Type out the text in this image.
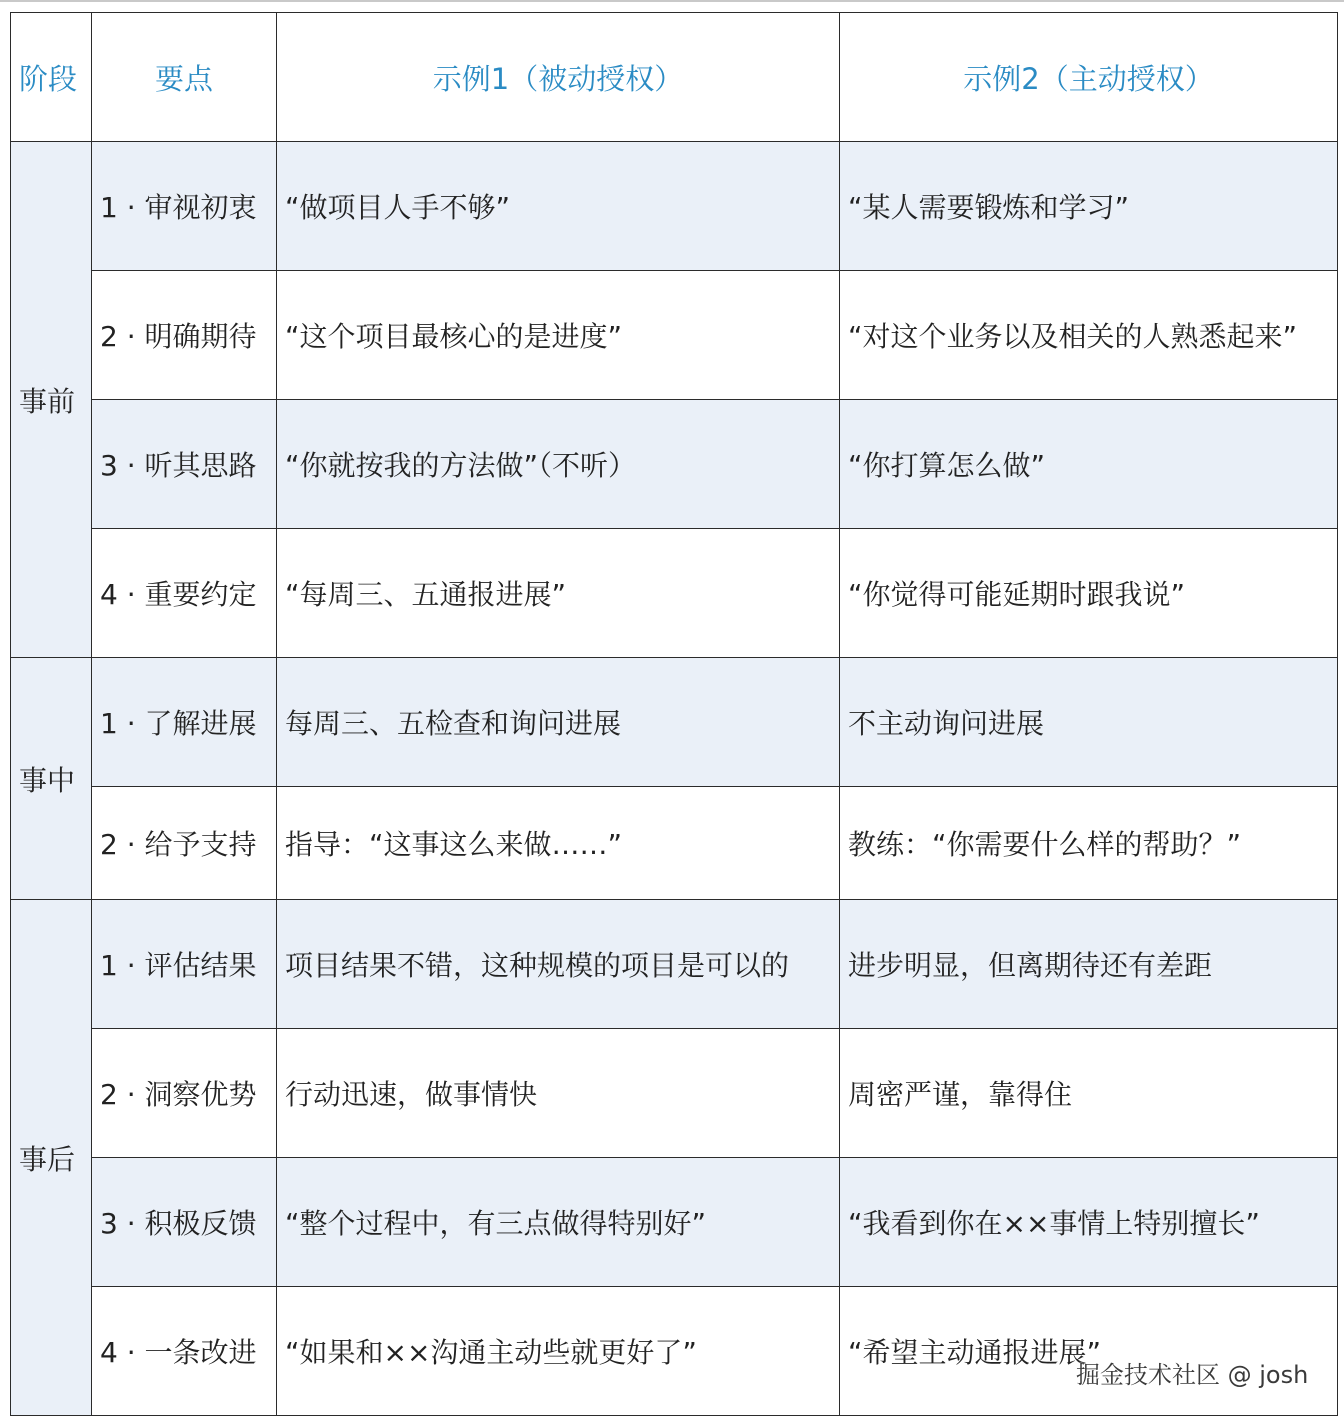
阶段	要点	示例1（被动授权）	示例2（主动授权）
事前	1 · 审视初衷	“做项目人手不够”	“某人需要锻炼和学习”
	2 · 明确期待	“这个项目最核心的是进度”	“对这个业务以及相关的人熟悉起来”
	3 · 听其思路	“你就按我的方法做”（不听）	“你打算怎么做”
	4 · 重要约定	“每周三、五通报进展”	“你觉得可能延期时跟我说”
事中	1 · 了解进展	每周三、五检查和询问进展	不主动询问进展
	2 · 给予支持	指导：“这事这么来做……”	教练：“你需要什么样的帮助？”
事后	1 · 评估结果	项目结果不错，这种规模的项目是可以的	进步明显，但离期待还有差距
	2 · 洞察优势	行动迅速，做事情快	周密严谨，靠得住
	3 · 积极反馈	“整个过程中，有三点做得特别好”	“我看到你在××事情上特别擅长”
	4 · 一条改进	“如果和××沟通主动些就更好了”	“希望主动通报进展”
掘金技术社区 @ josh
